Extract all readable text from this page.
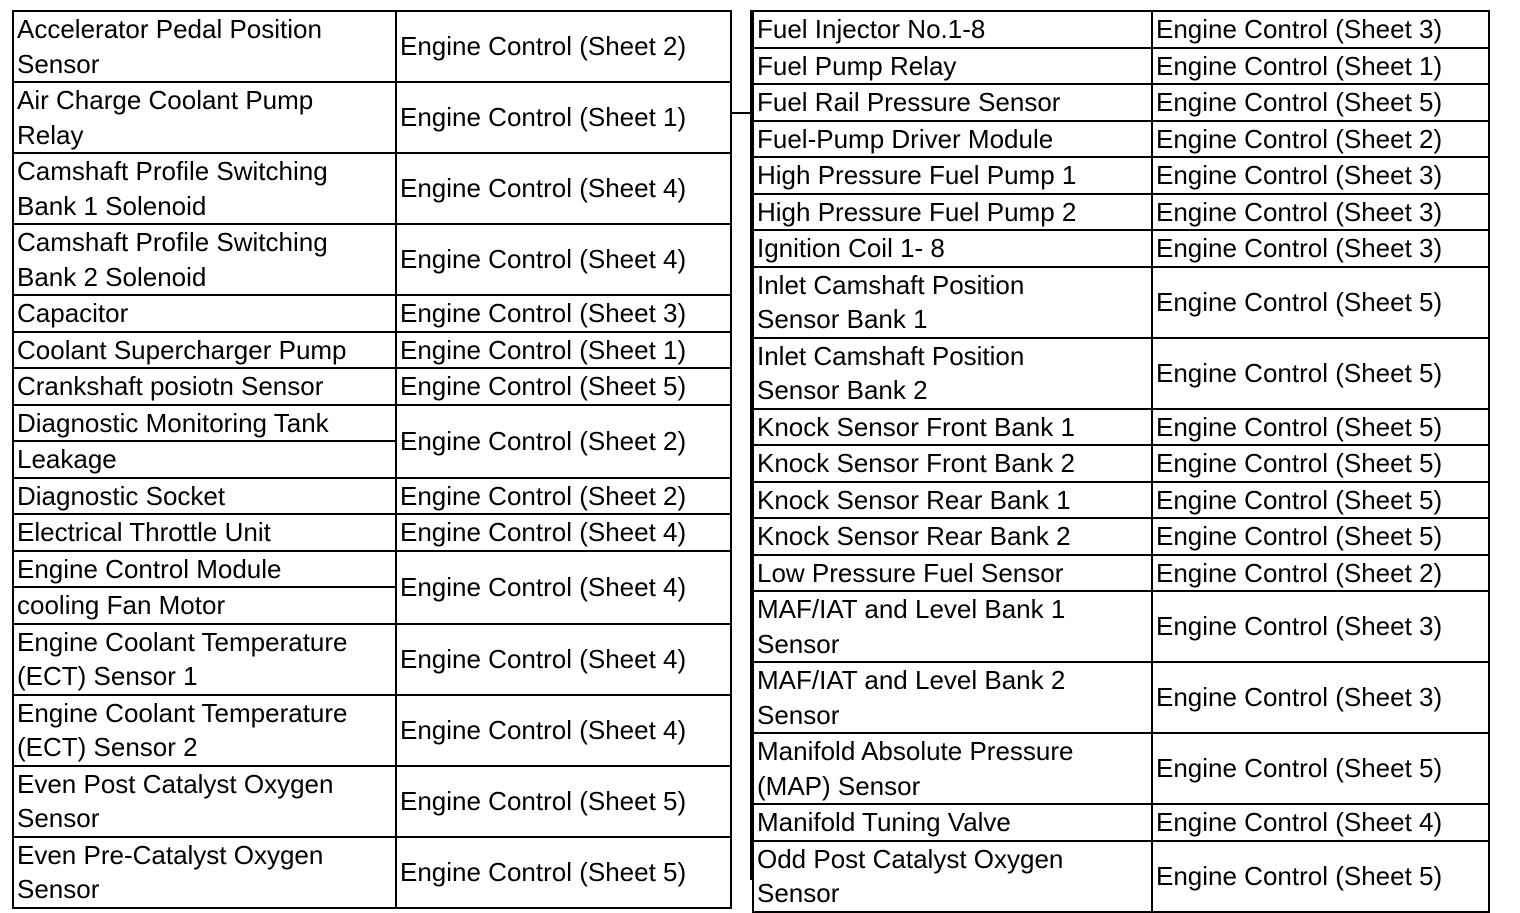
Accelerator Pedal Position
Sensor	Engine Control (Sheet 2)
Air Charge Coolant Pump
Relay	Engine Control (Sheet 1)
Camshaft Profile Switching
Bank 1 Solenoid	Engine Control (Sheet 4)
Camshaft Profile Switching
Bank 2 Solenoid	Engine Control (Sheet 4)
Capacitor	Engine Control (Sheet 3)
Coolant Supercharger Pump	Engine Control (Sheet 1)
Crankshaft posiotn Sensor	Engine Control (Sheet 5)
Diagnostic Monitoring Tank	Engine Control (Sheet 2)
Leakage	
Diagnostic Socket	Engine Control (Sheet 2)
Electrical Throttle Unit	Engine Control (Sheet 4)
Engine Control Module	Engine Control (Sheet 4)
cooling Fan Motor	
Engine Coolant Temperature
(ECT) Sensor 1	Engine Control (Sheet 4)
Engine Coolant Temperature
(ECT) Sensor 2	Engine Control (Sheet 4)
Even Post Catalyst Oxygen
Sensor	Engine Control (Sheet 5)
Even Pre-Catalyst Oxygen
Sensor	Engine Control (Sheet 5)
Fuel Injector No.1-8	Engine Control (Sheet 3)
Fuel Pump Relay	Engine Control (Sheet 1)
Fuel Rail Pressure Sensor	Engine Control (Sheet 5)
Fuel-Pump Driver Module	Engine Control (Sheet 2)
High Pressure Fuel Pump 1	Engine Control (Sheet 3)
High Pressure Fuel Pump 2	Engine Control (Sheet 3)
Ignition Coil 1- 8	Engine Control (Sheet 3)
Inlet Camshaft Position
Sensor Bank 1	Engine Control (Sheet 5)
Inlet Camshaft Position
Sensor Bank 2	Engine Control (Sheet 5)
Knock Sensor Front Bank 1	Engine Control (Sheet 5)
Knock Sensor Front Bank 2	Engine Control (Sheet 5)
Knock Sensor Rear Bank 1	Engine Control (Sheet 5)
Knock Sensor Rear Bank 2	Engine Control (Sheet 5)
Low Pressure Fuel Sensor	Engine Control (Sheet 2)
MAF/IAT and Level Bank 1
Sensor	Engine Control (Sheet 3)
MAF/IAT and Level Bank 2
Sensor	Engine Control (Sheet 3)
Manifold Absolute Pressure
(MAP) Sensor	Engine Control (Sheet 5)
Manifold Tuning Valve	Engine Control (Sheet 4)
Odd Post Catalyst Oxygen
Sensor	Engine Control (Sheet 5)
